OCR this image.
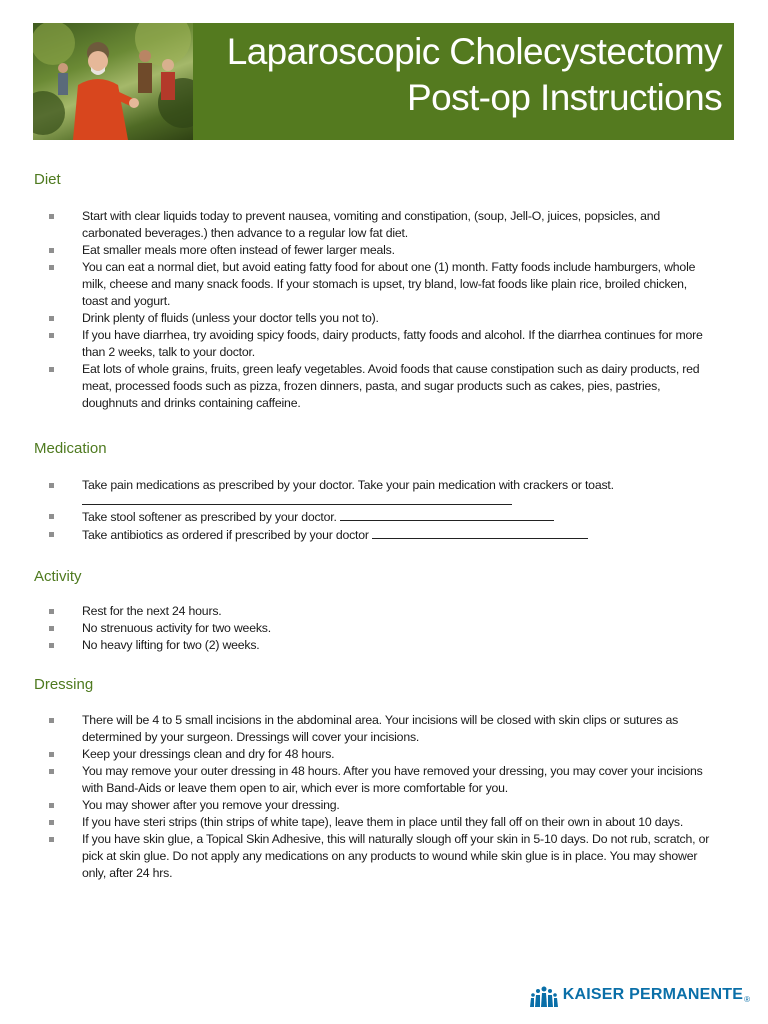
Laparoscopic Cholecystectomy
Post-op Instructions
Diet
Start with clear liquids today to prevent nausea, vomiting and constipation, (soup, Jell-O, juices, popsicles, and carbonated beverages.) then advance to a regular low fat diet.
Eat smaller meals more often instead of fewer larger meals.
You can eat a normal diet, but avoid eating fatty food for about one (1) month. Fatty foods include hamburgers, whole milk, cheese and many snack foods. If your stomach is upset, try bland, low-fat foods like plain rice, broiled chicken, toast and yogurt.
Drink plenty of fluids (unless your doctor tells you not to).
If you have diarrhea, try avoiding spicy foods, dairy products, fatty foods and alcohol. If the diarrhea continues for more than 2 weeks, talk to your doctor.
Eat lots of whole grains, fruits, green leafy vegetables. Avoid foods that cause constipation such as dairy products, red meat, processed foods such as pizza, frozen dinners, pasta, and sugar products such as cakes, pies, pastries, doughnuts and drinks containing caffeine.
Medication
Take pain medications as prescribed by your doctor. Take your pain medication with crackers or toast.
Take stool softener as prescribed by your doctor.
Take antibiotics as ordered if prescribed by your doctor
Activity
Rest for the next 24 hours.
No strenuous activity for two weeks.
No heavy lifting for two (2) weeks.
Dressing
There will be 4 to 5 small incisions in the abdominal area. Your incisions will be closed with skin clips or sutures as determined by your surgeon. Dressings will cover your incisions.
Keep your dressings clean and dry for 48 hours.
You may remove your outer dressing in 48 hours. After you have removed your dressing, you may cover your incisions with Band-Aids or leave them open to air, which ever is more comfortable for you.
You may shower after you remove your dressing.
If you have steri strips (thin strips of white tape), leave them in place until they fall off on their own in about 10 days.
If you have skin glue, a Topical Skin Adhesive, this will naturally slough off your skin in 5-10 days. Do not rub, scratch, or pick at skin glue. Do not apply any medications on any products to wound while skin glue is in place. You may shower only, after 24 hrs.
KAISER PERMANENTE ®
